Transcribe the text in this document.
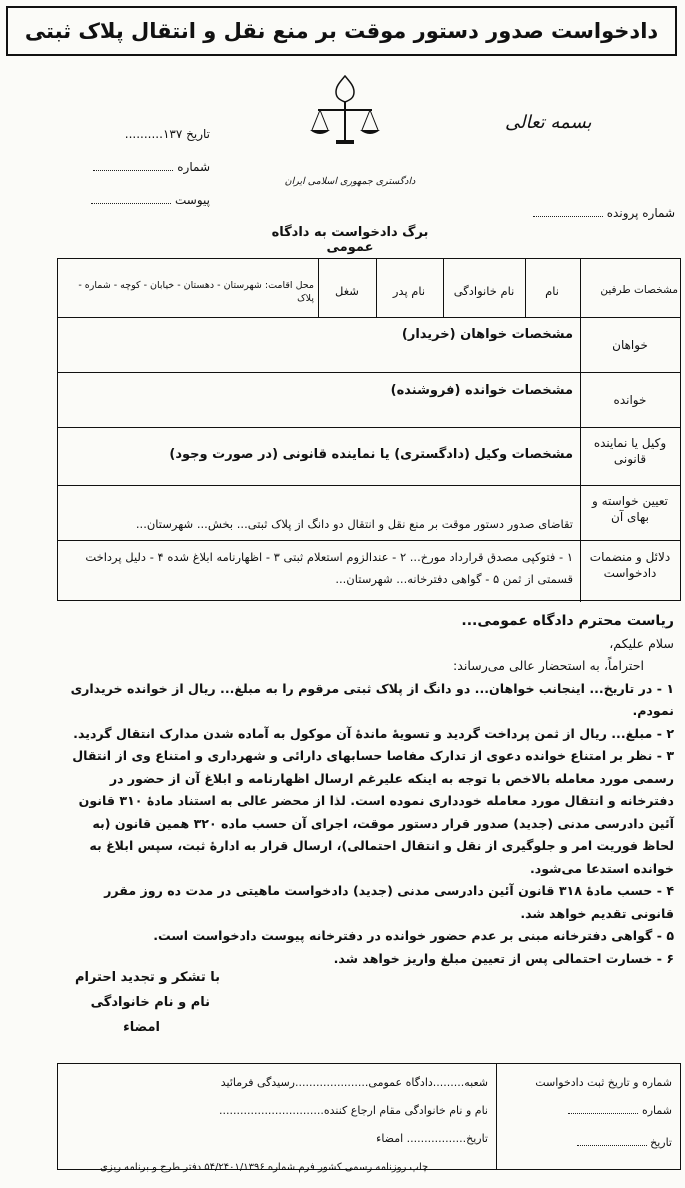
دادخواست صدور دستور موقت بر منع نقل و انتقال پلاک ثبتی
بسمه تعالی
تاریخ ۱۳۷..........
شماره
پیوست
دادگستری جمهوری اسلامی ایران
شماره پرونده
برگ دادخواست به دادگاه عمومی
مشخصات طرفین
نام
نام خانوادگی
نام پدر
شغل
محل اقامت: شهرستان - دهستان - خیابان - کوچه - شماره - پلاک
خواهان
مشخصات خواهان (خریدار)
خوانده
مشخصات خوانده (فروشنده)
وکیل یا نماینده قانونی
مشخصات وکیل (دادگستری) یا نماینده قانونی (در صورت وجود)
تعیین خواسته و بهای آن
تقاضای صدور دستور موقت بر منع نقل و انتقال دو دانگ از پلاک ثبتی... بخش... شهرستان...
دلائل و منضمات دادخواست
۱ - فتوکپی مصدق قرارداد مورخ... ۲ - عندالزوم استعلام ثبتی ۳ - اظهارنامه ابلاغ شده ۴ - دلیل پرداخت قسمتی از ثمن ۵ - گواهی دفترخانه... شهرستان...

ریاست محترم دادگاه عمومی...

سلام علیکم،

احتراماً، به استحضار عالی می‌رساند:

۱ - در تاریخ... اینجانب خواهان... دو دانگ از پلاک ثبتی مرقوم را به مبلغ... ریال از خوانده خریداری نمودم.

۲ - مبلغ... ریال از ثمن پرداخت گردید و تسویهٔ ماندهٔ آن موکول به آماده شدن مدارک انتقال گردید.

۳ - نظر بر امتناع خوانده دعوی از تدارک مفاصا حسابهای دارائی و شهرداری و امتناع وی از انتقال رسمی مورد معامله بالاخص با توجه به اینکه علیرغم ارسال اظهارنامه و ابلاغ آن از حضور در دفترخانه و انتقال مورد معامله خودداری نموده است. لذا از محضر عالی به استناد مادهٔ ۳۱۰ قانون آئین دادرسی مدنی (جدید) صدور قرار دستور موقت، اجرای آن حسب ماده ۳۲۰ همین قانون (به لحاظ فوریت امر و جلوگیری از نقل و انتقال احتمالی)، ارسال قرار به ادارهٔ ثبت، سپس ابلاغ به خوانده استدعا می‌شود.

۴ - حسب مادهٔ ۳۱۸ قانون آئین دادرسی مدنی (جدید) دادخواست ماهیتی در مدت ده روز مقرر قانونی تقدیم خواهد شد.

۵ - گواهی دفترخانه مبنی بر عدم حضور خوانده در دفترخانه پیوست دادخواست است.

۶ - خسارت احتمالی پس از تعیین مبلغ واریز خواهد شد.

با تشکر و تجدید احترام
نام و نام خانوادگی
امضاء
شماره و تاریخ ثبت دادخواست
شماره
تاریخ
شعبه.........دادگاه عمومی.....................رسیدگی فرمائید
نام و نام خانوادگی مقام ارجاع کننده..............................
تاریخ................. امضاء
چاپ روزنامه رسمی کشور فرم شماره ۵۴/۲۴۰۱/۱۳۹۶ دفتر طرح و برنامه ریزی
